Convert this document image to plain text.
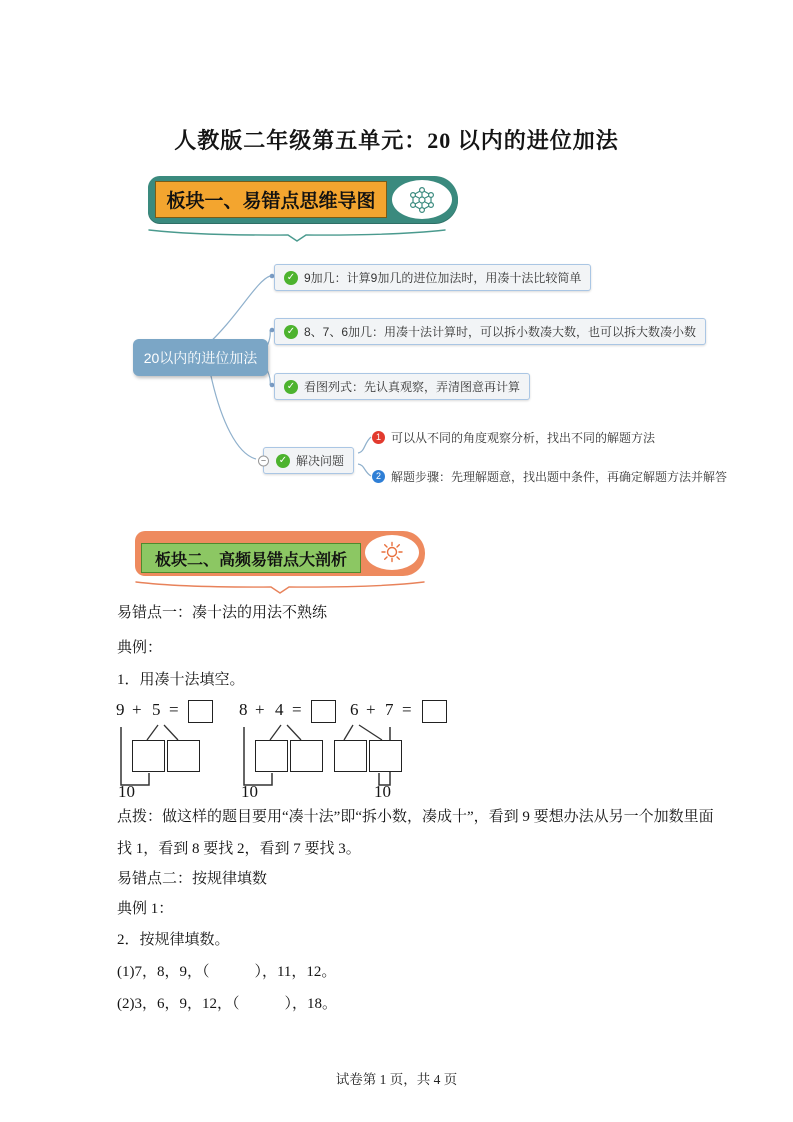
人教版二年级第五单元：20 以内的进位加法
板块一、易错点思维导图
20以内的进位加法
✓ 9加几：计算9加几的进位加法时，用凑十法比较简单
✓ 8、7、6加几：用凑十法计算时，可以拆小数凑大数，也可以拆大数凑小数
✓ 看图列式：先认真观察，弄清图意再计算
− ✓ 解决问题
1 可以从不同的角度观察分析，找出不同的解题方法
2 解题步骤：先理解题意，找出题中条件，再确定解题方法并解答
板块二、高频易错点大剖析
易错点一：凑十法的用法不熟练
典例：
1．用凑十法填空。
9 + 5 =
10
8 + 4 =
10
6 + 7 =
10
点拨：做这样的题目要用“凑十法”即“拆小数，凑成十”，看到 9 要想办法从另一个加数里面
找 1，看到 8 要找 2，看到 7 要找 3。
易错点二：按规律填数
典例 1：
2．按规律填数。
(1)7，8，9，（　　　），11，12。
(2)3，6，9，12，（　　　），18。
试卷第 1 页，共 4 页
